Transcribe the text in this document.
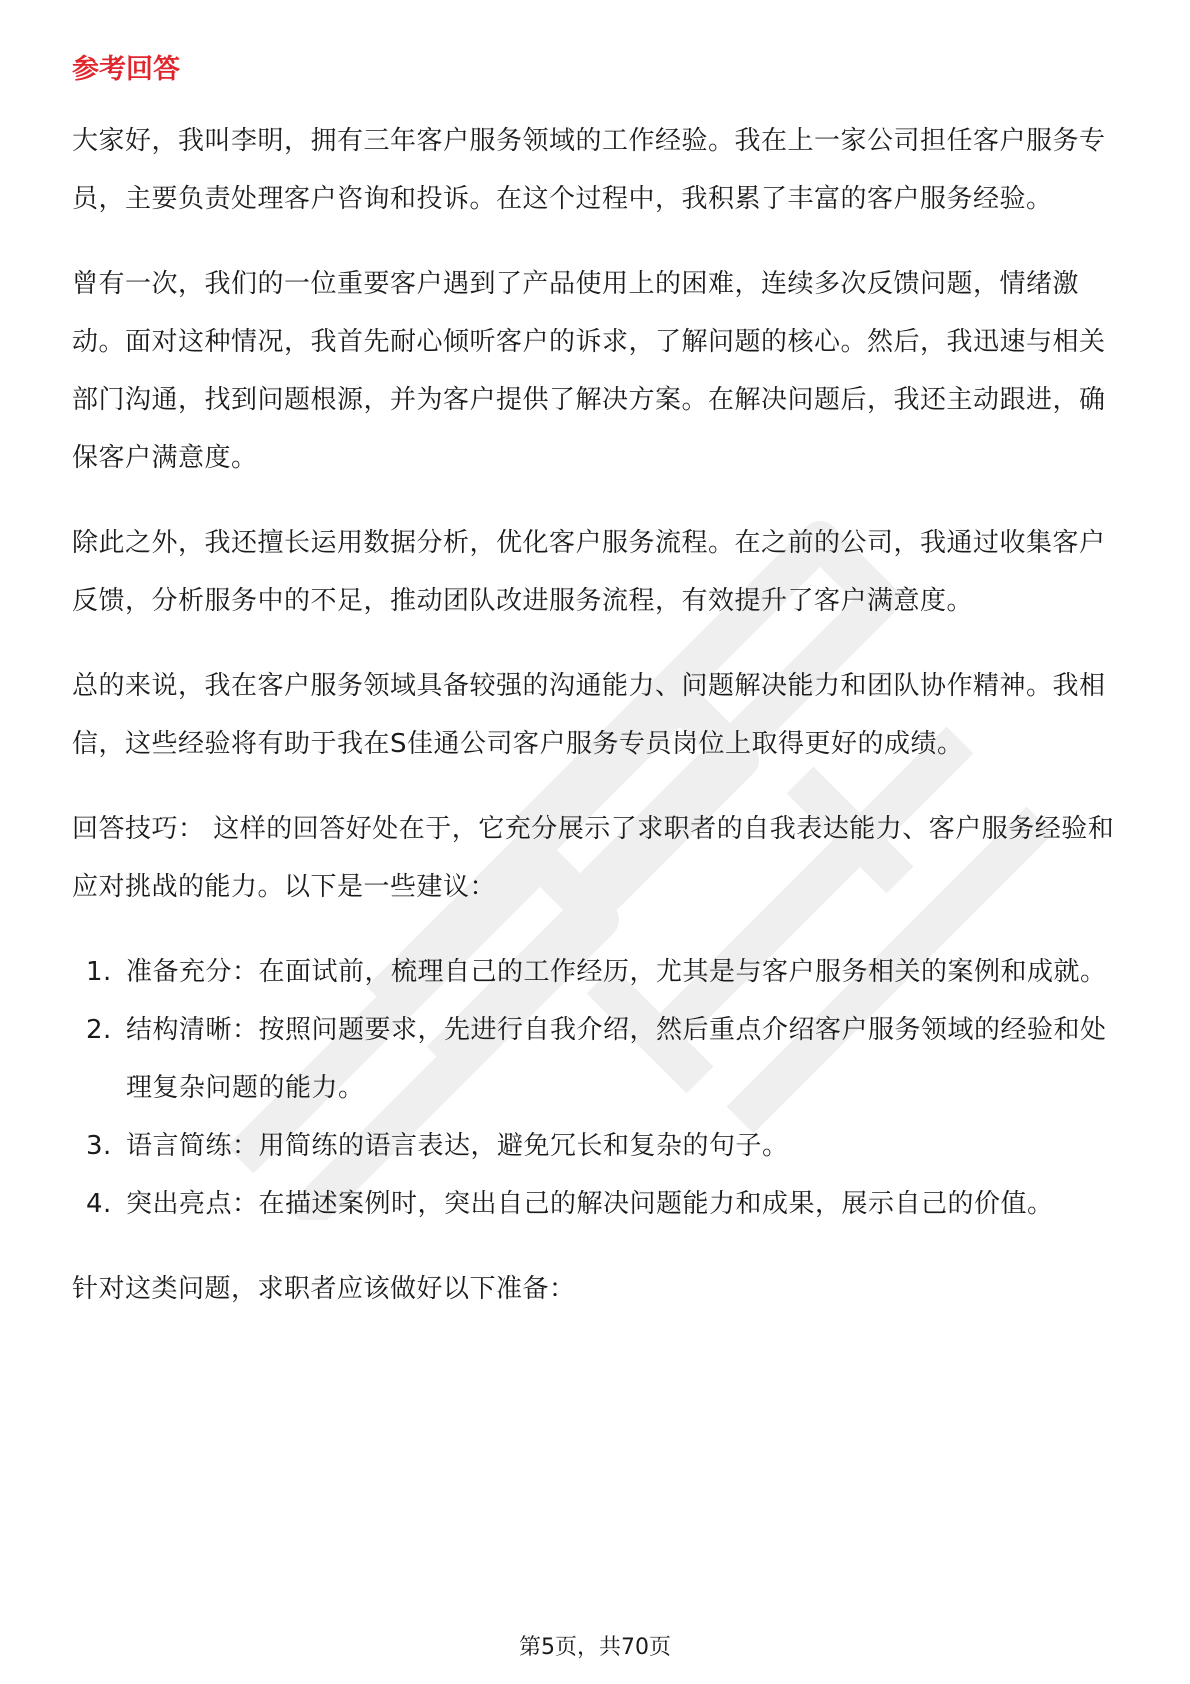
参考回答

大家好，我叫李明，拥有三年客户服务领域的工作经验。我在上一家公司担任客户服务专员，主要负责处理客户咨询和投诉。在这个过程中，我积累了丰富的客户服务经验。

曾有一次，我们的一位重要客户遇到了产品使用上的困难，连续多次反馈问题，情绪激动。面对这种情况，我首先耐心倾听客户的诉求，了解问题的核心。然后，我迅速与相关部门沟通，找到问题根源，并为客户提供了解决方案。在解决问题后，我还主动跟进，确保客户满意度。

除此之外，我还擅长运用数据分析，优化客户服务流程。在之前的公司，我通过收集客户反馈，分析服务中的不足，推动团队改进服务流程，有效提升了客户满意度。

总的来说，我在客户服务领域具备较强的沟通能力、问题解决能力和团队协作精神。我相信，这些经验将有助于我在S佳通公司客户服务专员岗位上取得更好的成绩。

回答技巧： 这样的回答好处在于，它充分展示了求职者的自我表达能力、客户服务经验和应对挑战的能力。以下是一些建议：

1. 准备充分：在面试前，梳理自己的工作经历，尤其是与客户服务相关的案例和成就。
2. 结构清晰：按照问题要求，先进行自我介绍，然后重点介绍客户服务领域的经验和处理复杂问题的能力。
3. 语言简练：用简练的语言表达，避免冗长和复杂的句子。
4. 突出亮点：在描述案例时，突出自己的解决问题能力和成果，展示自己的价值。

针对这类问题，求职者应该做好以下准备：

第5页，共70页
